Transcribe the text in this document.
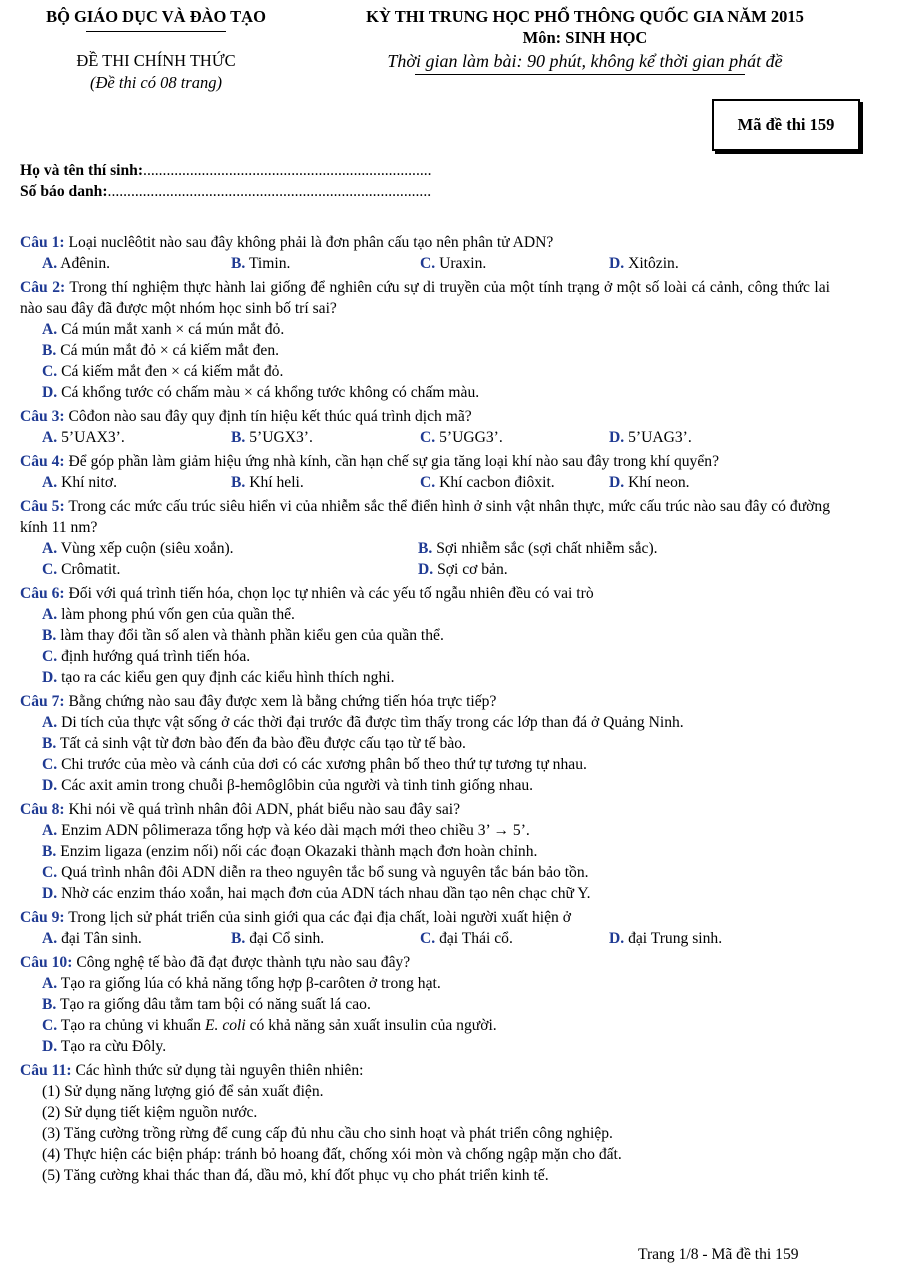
BỘ GIÁO DỤC VÀ ĐÀO TẠO
ĐỀ THI CHÍNH THỨC
(Đề thi có 08 trang)
KỲ THI TRUNG HỌC PHỔ THÔNG QUỐC GIA NĂM 2015
Môn: SINH HỌC
Thời gian làm bài: 90 phút, không kể thời gian phát đề
Mã đề thi 159
Họ và tên thí sinh:..........................................................................
Số báo danh:...................................................................................
Câu 1: Loại nuclêôtit nào sau đây không phải là đơn phân cấu tạo nên phân tử ADN?
A. Ađênin.	B. Timin.	C. Uraxin.	D. Xitôzin.
Câu 2: Trong thí nghiệm thực hành lai giống để nghiên cứu sự di truyền của một tính trạng ở một số loài cá cảnh, công thức lai nào sau đây đã được một nhóm học sinh bố trí sai?
A. Cá mún mắt xanh × cá mún mắt đỏ.
B. Cá mún mắt đỏ × cá kiếm mắt đen.
C. Cá kiếm mắt đen × cá kiếm mắt đỏ.
D. Cá khổng tước có chấm màu × cá khổng tước không có chấm màu.
Câu 3: Côđon nào sau đây quy định tín hiệu kết thúc quá trình dịch mã?
A. 5’UAX3’.	B. 5’UGX3’.	C. 5’UGG3’.	D. 5’UAG3’.
Câu 4: Để góp phần làm giảm hiệu ứng nhà kính, cần hạn chế sự gia tăng loại khí nào sau đây trong khí quyển?
A. Khí nitơ.	B. Khí heli.	C. Khí cacbon điôxit.	D. Khí neon.
Câu 5: Trong các mức cấu trúc siêu hiển vi của nhiễm sắc thể điển hình ở sinh vật nhân thực, mức cấu trúc nào sau đây có đường kính 11 nm?
A. Vùng xếp cuộn (siêu xoắn).	B. Sợi nhiễm sắc (sợi chất nhiễm sắc).
C. Crômatit.	D. Sợi cơ bản.
Câu 6: Đối với quá trình tiến hóa, chọn lọc tự nhiên và các yếu tố ngẫu nhiên đều có vai trò
A. làm phong phú vốn gen của quần thể.
B. làm thay đổi tần số alen và thành phần kiểu gen của quần thể.
C. định hướng quá trình tiến hóa.
D. tạo ra các kiểu gen quy định các kiểu hình thích nghi.
Câu 7: Bằng chứng nào sau đây được xem là bằng chứng tiến hóa trực tiếp?
A. Di tích của thực vật sống ở các thời đại trước đã được tìm thấy trong các lớp than đá ở Quảng Ninh.
B. Tất cả sinh vật từ đơn bào đến đa bào đều được cấu tạo từ tế bào.
C. Chi trước của mèo và cánh của dơi có các xương phân bố theo thứ tự tương tự nhau.
D. Các axit amin trong chuỗi β-hemôglôbin của người và tinh tinh giống nhau.
Câu 8: Khi nói về quá trình nhân đôi ADN, phát biểu nào sau đây sai?
A. Enzim ADN pôlimeraza tổng hợp và kéo dài mạch mới theo chiều 3’ → 5’.
B. Enzim ligaza (enzim nối) nối các đoạn Okazaki thành mạch đơn hoàn chỉnh.
C. Quá trình nhân đôi ADN diễn ra theo nguyên tắc bổ sung và nguyên tắc bán bảo tồn.
D. Nhờ các enzim tháo xoắn, hai mạch đơn của ADN tách nhau dần tạo nên chạc chữ Y.
Câu 9: Trong lịch sử phát triển của sinh giới qua các đại địa chất, loài người xuất hiện ở
A. đại Tân sinh.	B. đại Cổ sinh.	C. đại Thái cổ.	D. đại Trung sinh.
Câu 10: Công nghệ tế bào đã đạt được thành tựu nào sau đây?
A. Tạo ra giống lúa có khả năng tổng hợp β-carôten ở trong hạt.
B. Tạo ra giống dâu tằm tam bội có năng suất lá cao.
C. Tạo ra chủng vi khuẩn E. coli có khả năng sản xuất insulin của người.
D. Tạo ra cừu Đôly.
Câu 11: Các hình thức sử dụng tài nguyên thiên nhiên:
(1) Sử dụng năng lượng gió để sản xuất điện.
(2) Sử dụng tiết kiệm nguồn nước.
(3) Tăng cường trồng rừng để cung cấp đủ nhu cầu cho sinh hoạt và phát triển công nghiệp.
(4) Thực hiện các biện pháp: tránh bỏ hoang đất, chống xói mòn và chống ngập mặn cho đất.
(5) Tăng cường khai thác than đá, dầu mỏ, khí đốt phục vụ cho phát triển kinh tế.
Trang 1/8 - Mã đề thi 159
